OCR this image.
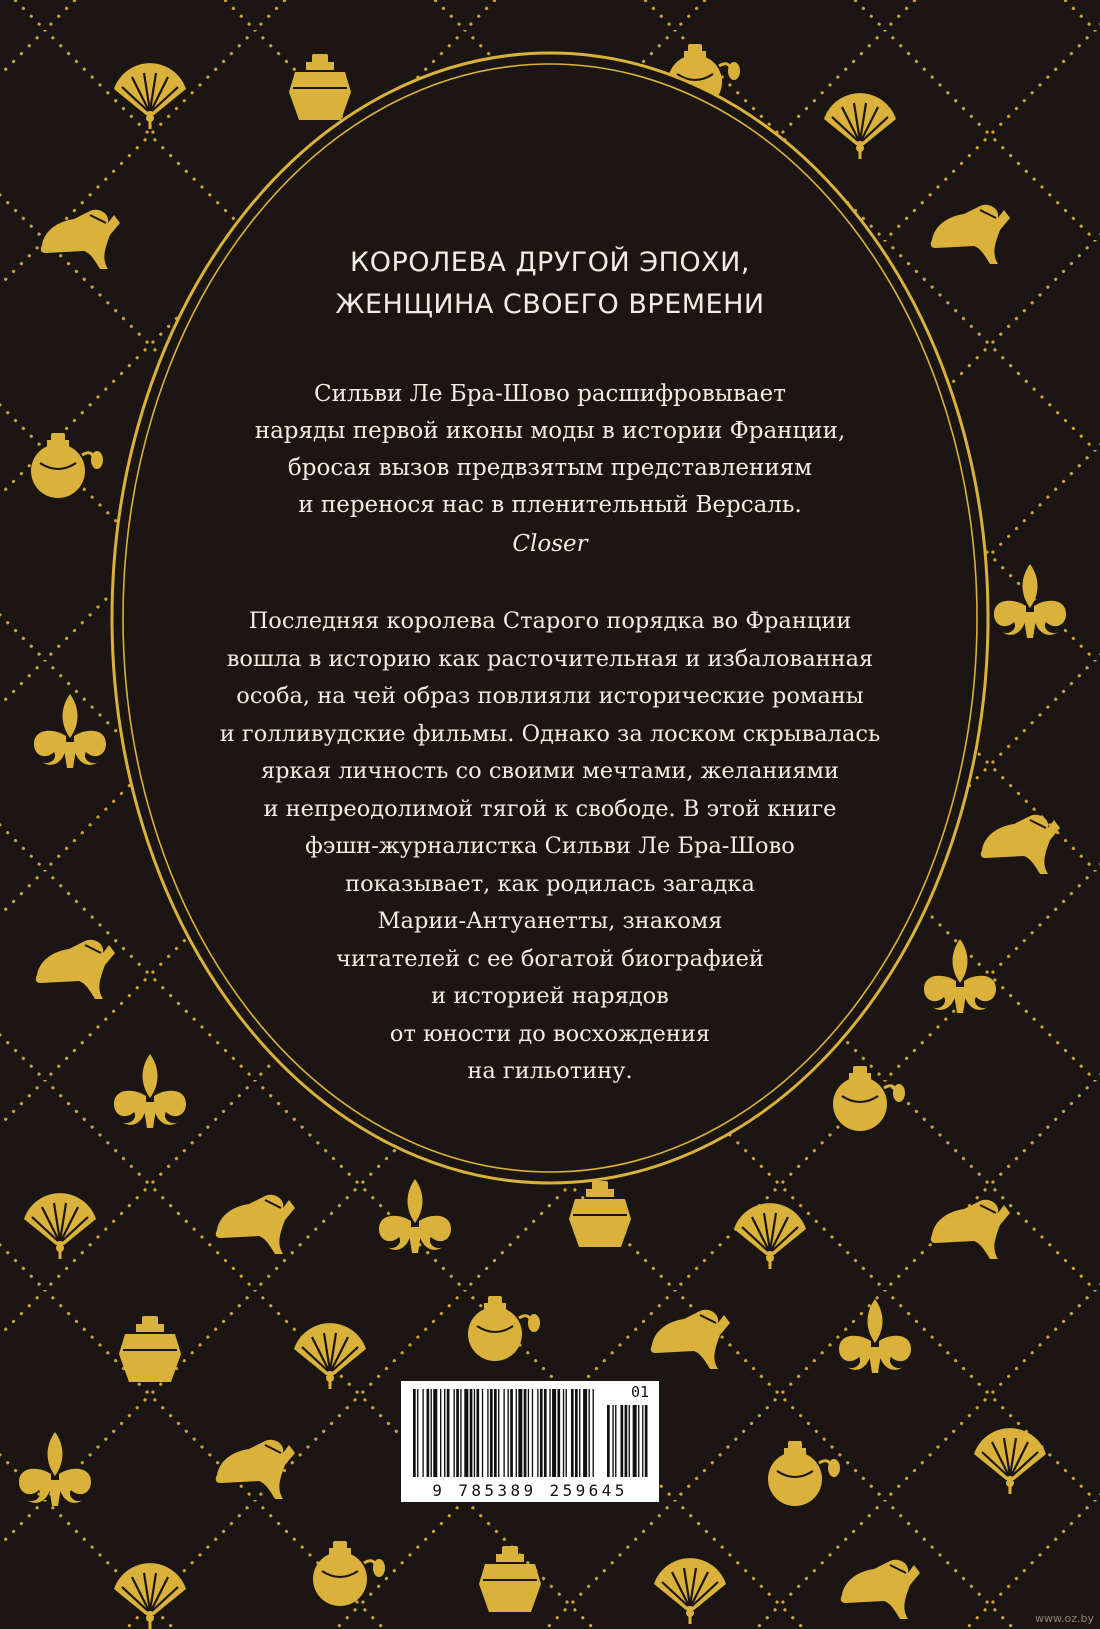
КОРОЛЕВА ДРУГОЙ ЭПОХИ,
ЖЕНЩИНА СВОЕГО ВРЕМЕНИ
Сильви Ле Бра-Шово расшифровывает
наряды первой иконы моды в истории Франции,
бросая вызов предвзятым представлениям
и перенося нас в пленительный Версаль.
Closer
Последняя королева Старого порядка во Франции
вошла в историю как расточительная и избалованная
особа, на чей образ повлияли исторические романы
и голливудские фильмы. Однако за лоском скрывалась
яркая личность со своими мечтами, желаниями
и непреодолимой тягой к свободе. В этой книге
фэшн-журналистка Сильви Ле Бра-Шово
показывает, как родилась загадка
Марии-Антуанетты, знакомя
читателей с ее богатой биографией
и историей нарядов
от юности до восхождения
на гильотину.
9 785389 259645
01
www.oz.by
